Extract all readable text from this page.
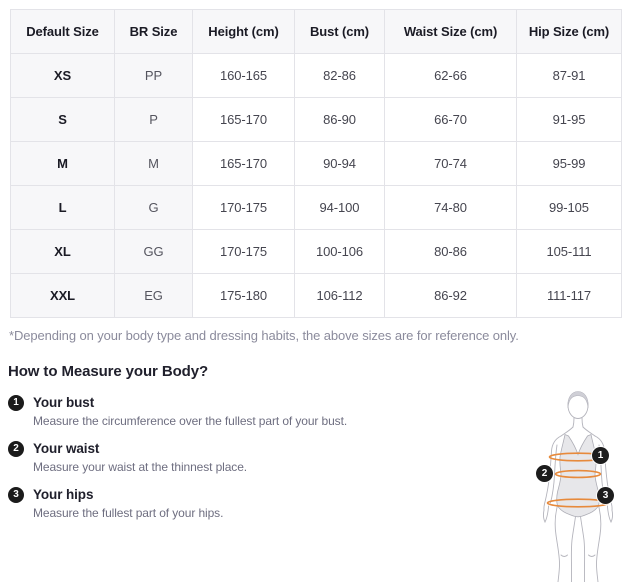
Default Size	BR Size	Height (cm)	Bust (cm)	Waist Size (cm)	Hip Size (cm)
XS	PP	160-165	82-86	62-66	87-91
S	P	165-170	86-90	66-70	91-95
M	M	165-170	90-94	70-74	95-99
L	G	170-175	94-100	74-80	99-105
XL	GG	170-175	100-106	80-86	105-111
XXL	EG	175-180	106-112	86-92	111-117
*Depending on your body type and dressing habits, the above sizes are for reference only.
How to Measure your Body?
1	Your bust
Measure the circumference over the fullest part of your bust.
2	Your waist
Measure your waist at the thinnest place.
3	Your hips
Measure the fullest part of your hips.
1
2
3
